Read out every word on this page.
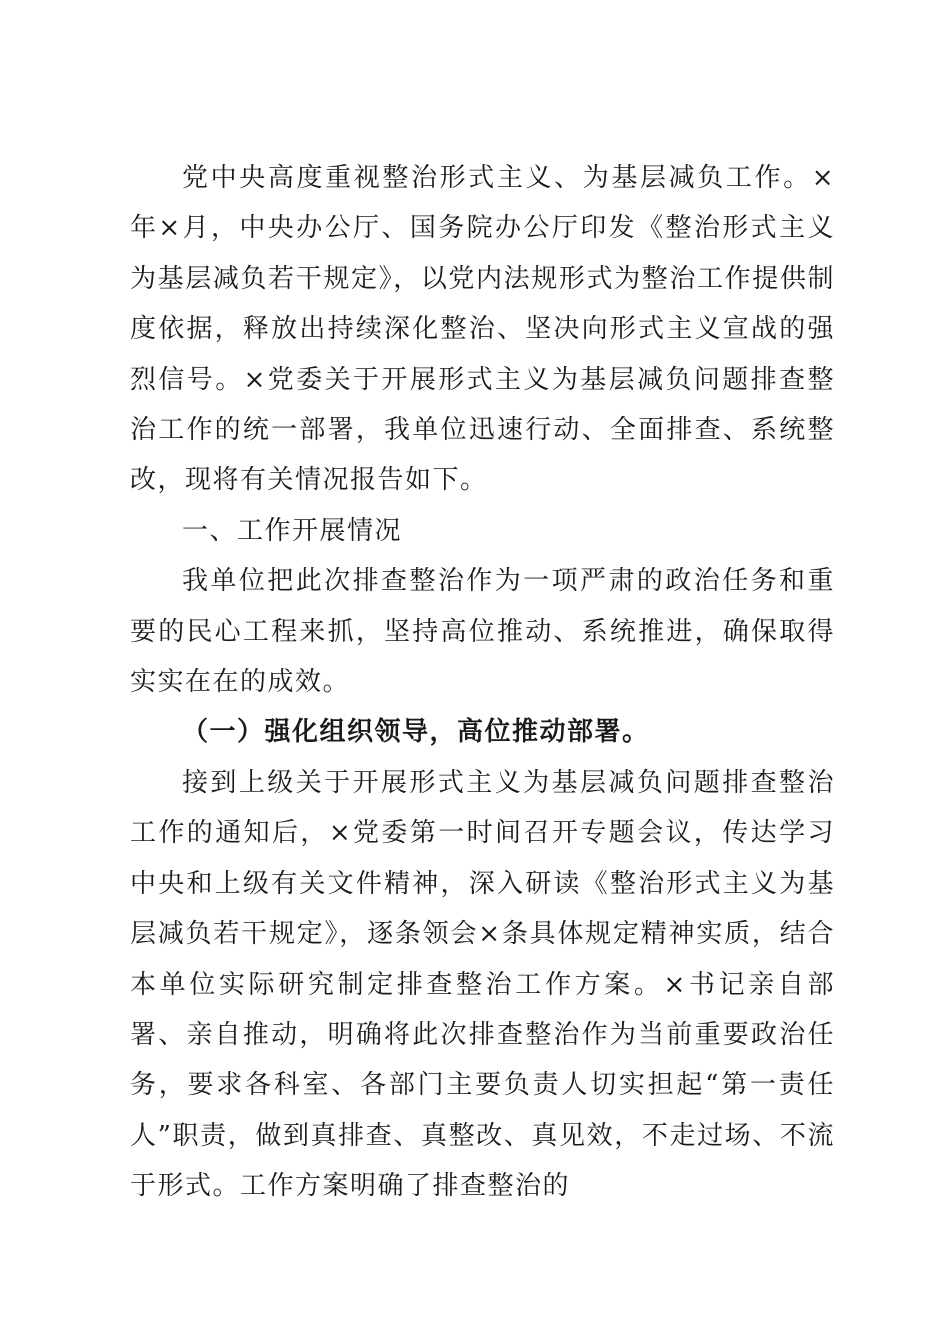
党中央高度重视整治形式主义、为基层减负工作。×年×月，中央办公厅、国务院办公厅印发《整治形式主义为基层减负若干规定》，以党内法规形式为整治工作提供制度依据，释放出持续深化整治、坚决向形式主义宣战的强烈信号。×党委关于开展形式主义为基层减负问题排查整治工作的统一部署，我单位迅速行动、全面排查、系统整改，现将有关情况报告如下。

一、工作开展情况

我单位把此次排查整治作为一项严肃的政治任务和重要的民心工程来抓，坚持高位推动、系统推进，确保取得实实在在的成效。

（一）强化组织领导，高位推动部署。

接到上级关于开展形式主义为基层减负问题排查整治工作的通知后，×党委第一时间召开专题会议，传达学习中央和上级有关文件精神，深入研读《整治形式主义为基层减负若干规定》，逐条领会×条具体规定精神实质，结合本单位实际研究制定排查整治工作方案。×书记亲自部署、亲自推动，明确将此次排查整治作为当前重要政治任务，要求各科室、各部门主要负责人切实担起“第一责任人”职责，做到真排查、真整改、真见效，不走过场、不流于形式。工作方案明确了排查整治的
